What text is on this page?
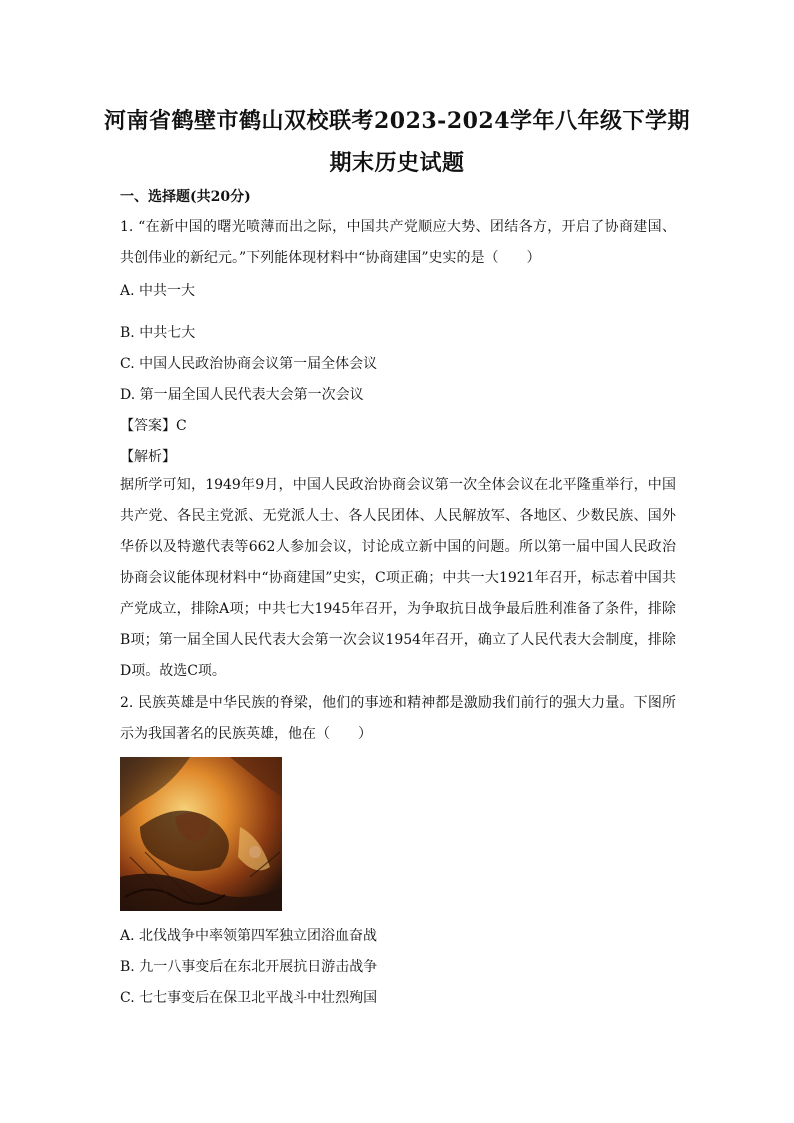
河南省鹤壁市鹤山双校联考2023-2024学年八年级下学期
期末历史试题
一、选择题(共20分)

1. “在新中国的曙光喷薄而出之际，中国共产党顺应大势、团结各方，开启了协商建国、共创伟业的新纪元。”下列能体现材料中“协商建国”史实的是（　　）

A. 中共一大
B. 中共七大
C. 中国人民政治协商会议第一届全体会议
D. 第一届全国人民代表大会第一次会议
【答案】C
【解析】

据所学可知，1949年9月，中国人民政治协商会议第一次全体会议在北平隆重举行，中国共产党、各民主党派、无党派人士、各人民团体、人民解放军、各地区、少数民族、国外华侨以及特邀代表等662人参加会议，讨论成立新中国的问题。所以第一届中国人民政治协商会议能体现材料中“协商建国”史实，C项正确；中共一大1921年召开，标志着中国共产党成立，排除A项；中共七大1945年召开，为争取抗日战争最后胜利准备了条件，排除B项；第一届全国人民代表大会第一次会议1954年召开，确立了人民代表大会制度，排除D项。故选C项。

2. 民族英雄是中华民族的脊梁，他们的事迹和精神都是激励我们前行的强大力量。下图所示为我国著名的民族英雄，他在（　　）

A. 北伐战争中率领第四军独立团浴血奋战
B. 九一八事变后在东北开展抗日游击战争
C. 七七事变后在保卫北平战斗中壮烈殉国
